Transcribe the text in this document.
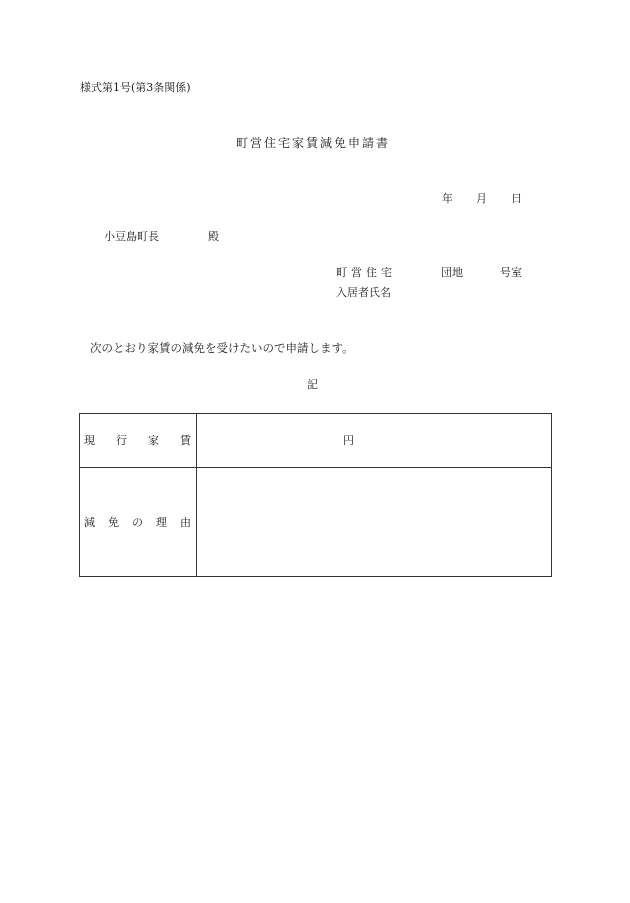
様式第1号(第3条関係)
町営住宅家賃減免申請書
年 月 日
小豆島町長	殿
町営住宅	団地	号室
入居者氏名
次のとおり家賃の減免を受けたいので申請します。
記
現行家賃	円
減免の理由
